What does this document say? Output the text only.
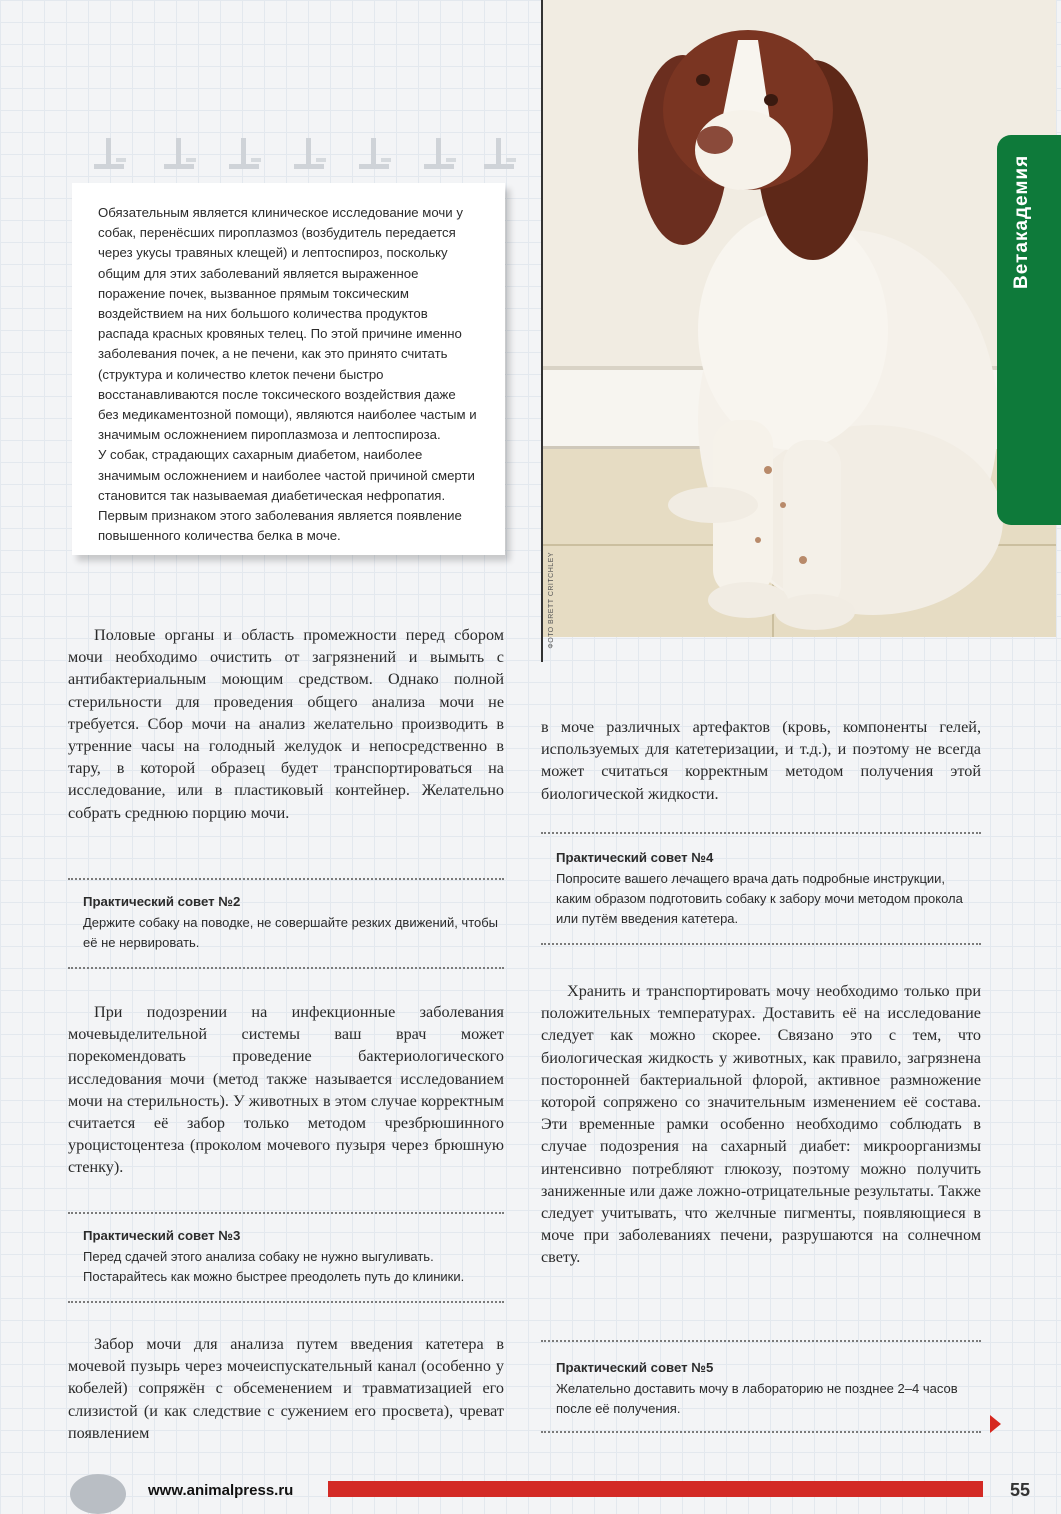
Обязательным является клиническое исследование мочи у собак, перенёсших пироплазмоз (возбудитель передается через укусы травяных клещей) и лептоспироз, поскольку общим для этих заболеваний является выраженное поражение почек, вызванное прямым токсическим воздействием на них большого количества продуктов распада красных кровяных телец. По этой причине именно заболевания почек, а не печени, как это принято считать (структура и количество клеток печени быстро восстанавливаются после токсического воздействия даже без медикаментозной помощи), являются наиболее частым и значимым осложнением пироплазмоза и лептоспироза.

У собак, страдающих сахарным диабетом, наиболее значимым осложнением и наиболее частой причиной смерти становится так называемая диабетическая нефропатия. Первым признаком этого заболевания является появление повышенного количества белка в моче.

ФОТО BRETT CRITCHLEY
Ветакадемия

Половые органы и область промежности перед сбором мочи необходимо очистить от загрязнений и вымыть с антибактериальным моющим средством. Однако полной стерильности для проведения общего анализа мочи не требуется. Сбор мочи на анализ желательно производить в утренние часы на голодный желудок и непосредственно в тару, в которой образец будет транспортироваться на исследование, или в пластиковый контейнер. Желательно собрать среднюю порцию мочи.

Практический совет №2

Держите собаку на поводке, не совершайте резких движений, чтобы её не нервировать.

При подозрении на инфекционные заболевания мочевыделительной системы ваш врач может порекомендовать проведение бактериологического исследования мочи (метод также называется исследованием мочи на стерильность). У животных в этом случае корректным считается её забор только методом чрезбрюшинного уроцистоцентеза (проколом мочевого пузыря через брюшную стенку).

Практический совет №3

Перед сдачей этого анализа собаку не нужно выгуливать.

Постарайтесь как можно быстрее преодолеть путь до клиники.

Забор мочи для анализа путем введения катетера в мочевой пузырь через мочеиспускательный канал (особенно у кобелей) сопряжён с обсеменением и травматизацией его слизистой (и как следствие с сужением его просвета), чреват появлением

в моче различных артефактов (кровь, компоненты гелей, используемых для катетеризации, и т.д.), и поэтому не всегда может считаться корректным методом получения этой биологической жидкости.

Практический совет №4

Попросите вашего лечащего врача дать подробные инструкции, каким образом подготовить собаку к забору мочи методом прокола или путём введения катетера.

Хранить и транспортировать мочу необходимо только при положительных температурах. Доставить её на исследование следует как можно скорее. Связано это с тем, что биологическая жидкость у животных, как правило, загрязнена посторонней бактериальной флорой, активное размножение которой сопряжено со значительным изменением её состава. Эти временные рамки особенно необходимо соблюдать в случае подозрения на сахарный диабет: микроорганизмы интенсивно потребляют глюкозу, поэтому можно получить заниженные или даже ложно-отрицательные результаты. Также следует учитывать, что желчные пигменты, появляющиеся в моче при заболеваниях печени, разрушаются на солнечном свету.

Практический совет №5

Желательно доставить мочу в лабораторию не позднее 2–4 часов после её получения.

www.animalpress.ru	55
